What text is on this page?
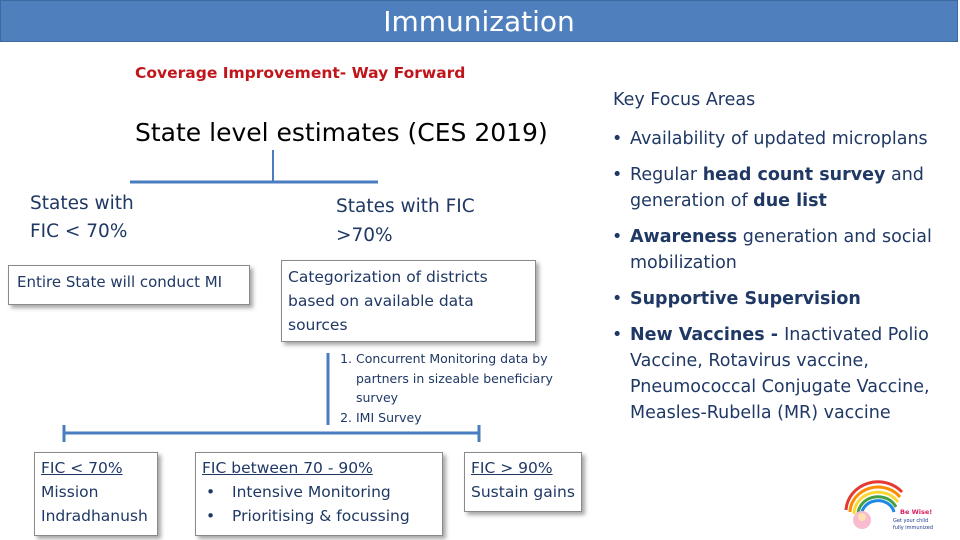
Immunization
Coverage Improvement- Way Forward
State level estimates (CES 2019)
States with
FIC < 70%
Entire State will conduct MI
States with FIC
>70%
Categorization of districts
based on available data
sources
1. Concurrent Monitoring data by partners in sizeable beneficiary survey
2. IMI Survey
FIC < 70%
Mission
Indradhanush
FIC between 70 - 90%
•	Intensive Monitoring
•	Prioritising & focussing
FIC > 90%
Sustain gains
Key Focus Areas
• Availability of updated microplans
• Regular head count survey and generation of due list
• Awareness generation and social mobilization
• Supportive Supervision
• New Vaccines - Inactivated Polio Vaccine, Rotavirus vaccine, Pneumococcal Conjugate Vaccine, Measles-Rubella (MR) vaccine
Be Wise!
Get your child
fully immunized
